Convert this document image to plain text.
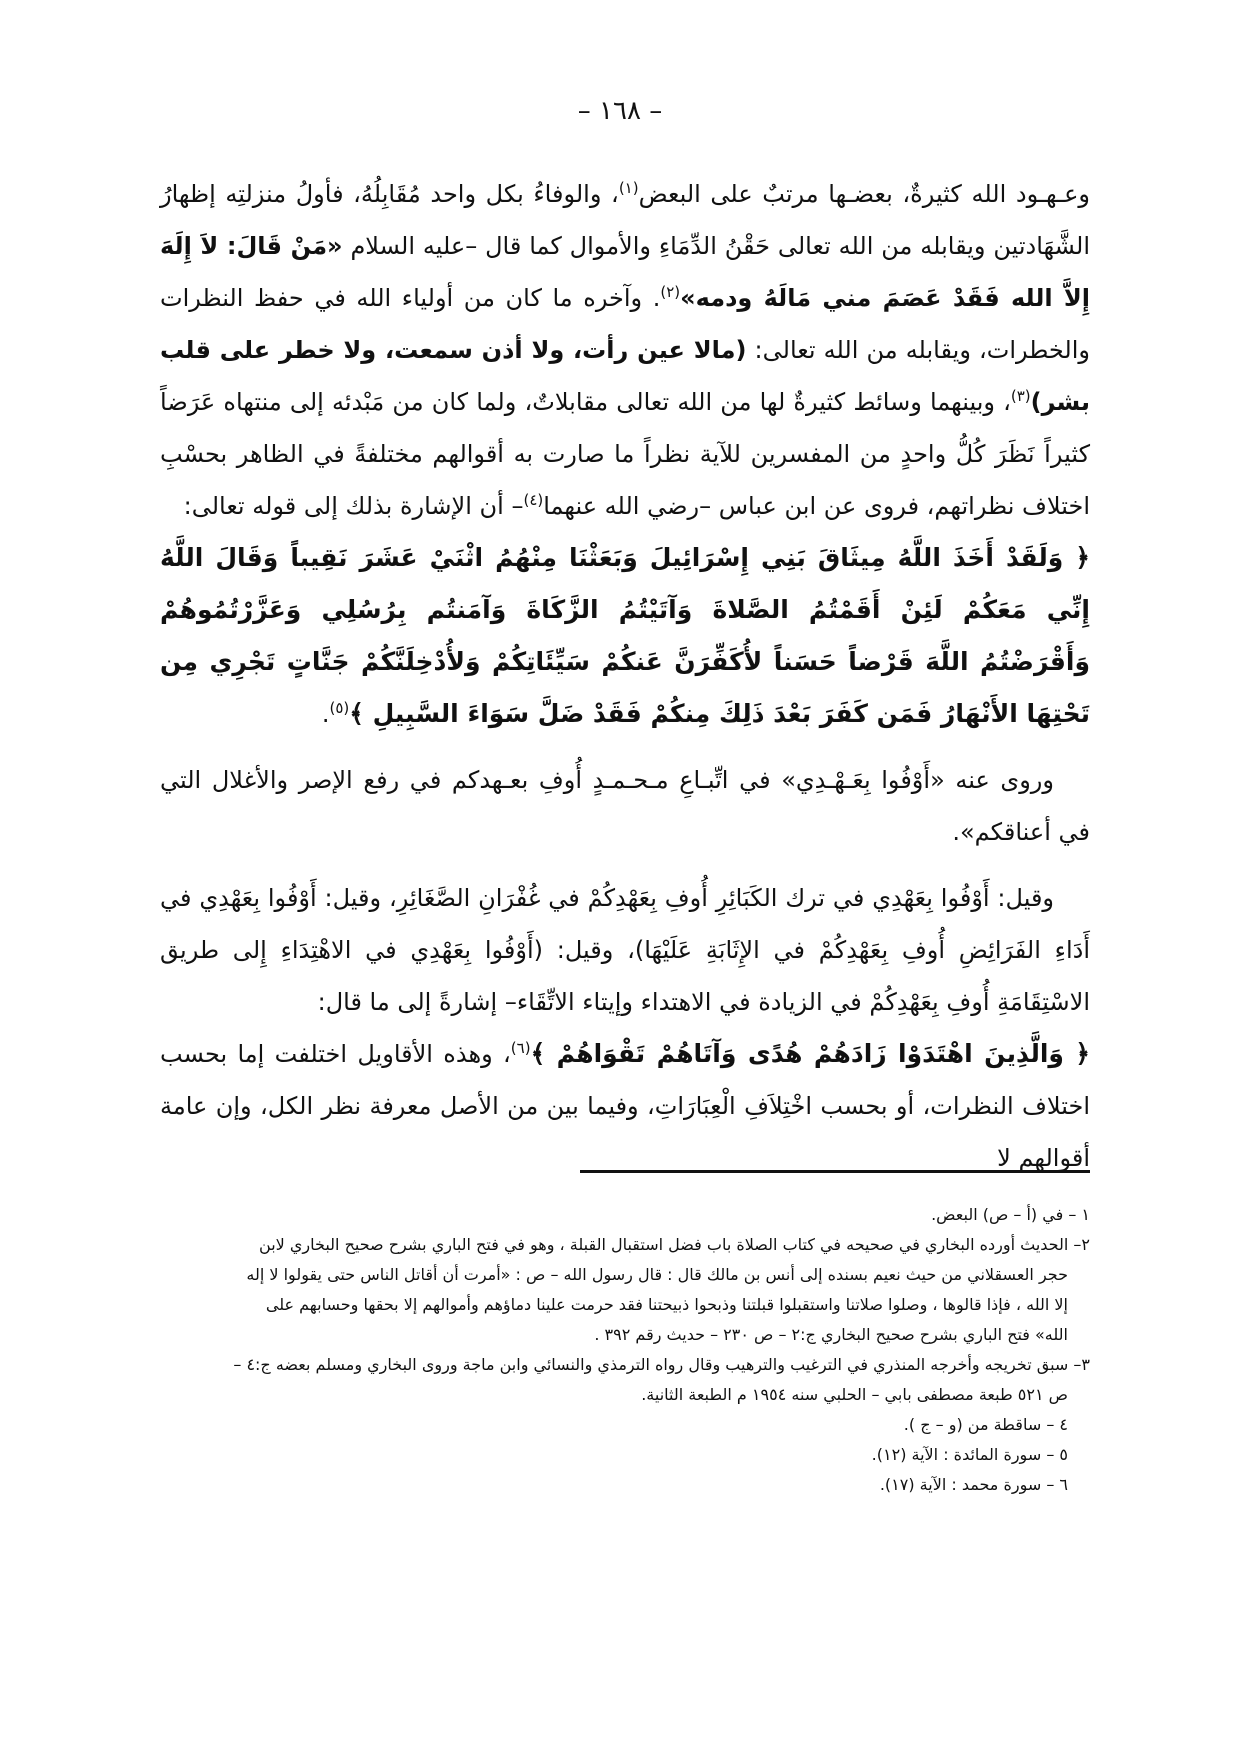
– ١٦٨ –

وعـهـود الله كثيرةٌ، بعضـها مرتبٌ على البعض$^{(١)}$، والوفاءُ بكل واحد مُقَابِلُهُ، فأولُ منزلتِه إظهارُ الشَّهَادتين ويقابله من الله تعالى حَقْنُ الدِّمَاءِ والأموال كما قال –عليه السلام «مَنْ قَالَ: لاَ إِلَهَ إِلاَّ الله فَقَدْ عَصَمَ مني مَالَهُ ودمه»$^{(٢)}$. وآخره ما كان من أولياء الله في حفظ النظرات والخطرات، ويقابله من الله تعالى: (مالا عين رأت، ولا أذن سمعت، ولا خطر على قلب بشر)$^{(٣)}$، وبينهما وسائط كثيرةٌ لها من الله تعالى مقابلاتٌ، ولما كان من مَبْدئه إلى منتهاه عَرَضاً كثيراً نَظَرَ كُلُّ واحدٍ من المفسرين للآية نظراً ما صارت به أقوالهم مختلفةً في الظاهر بحسْبِ اختلاف نظراتهم، فروى عن ابن عباس –رضي الله عنهما$^{(٤)}$– أن الإشارة بذلك إلى قوله تعالى:

﴿ وَلَقَدْ أَخَذَ اللَّهُ مِيثَاقَ بَنِي إِسْرَائِيلَ وَبَعَثْنَا مِنْهُمُ اثْنَيْ عَشَرَ نَقِيباً وَقَالَ اللَّهُ إِنِّي مَعَكُمْ لَئِنْ أَقَمْتُمُ الصَّلاةَ وَآتَيْتُمُ الزَّكَاةَ وَآمَنتُم بِرُسُلِي وَعَزَّرْتُمُوهُمْ وَأَقْرَضْتُمُ اللَّهَ قَرْضاً حَسَناً لأُكَفِّرَنَّ عَنكُمْ سَيِّئَاتِكُمْ وَلأُدْخِلَنَّكُمْ جَنَّاتٍ تَجْرِي مِن تَحْتِهَا الأَنْهَارُ فَمَن كَفَرَ بَعْدَ ذَلِكَ مِنكُمْ فَقَدْ ضَلَّ سَوَاءَ السَّبِيلِ ﴾$^{(٥)}$.

وروى عنه «أَوْفُوا بِعَـهْـدِي» في اتِّبـاعِ مـحـمـدٍ أُوفِ بعـهدكم في رفع الإصر والأغلال التي في أعناقكم».

وقيل: أَوْفُوا بِعَهْدِي في ترك الكَبَائِرِ أُوفِ بِعَهْدِكُمْ في غُفْرَانِ الصَّغَائِرِ، وقيل: أَوْفُوا بِعَهْدِي في أَدَاءِ الفَرَائِضِ أُوفِ بِعَهْدِكُمْ في الإِثَابَةِ عَلَيْهَا)، وقيل: (أَوْفُوا بِعَهْدِي في الاهْتِدَاءِ إِلى طريق الاسْتِقَامَةِ أُوفِ بِعَهْدِكُمْ في الزيادة في الاهتداء وإيتاء الاتِّقَاء– إشارةً إلى ما قال:

﴿ وَالَّذِينَ اهْتَدَوْا زَادَهُمْ هُدًى وَآتَاهُمْ تَقْوَاهُمْ ﴾$^{(٦)}$، وهذه الأقاويل اختلفت إما بحسب اختلاف النظرات، أو بحسب اخْتِلاَفِ الْعِبَارَاتِ، وفيما بين من الأصل معرفة نظر الكل، وإن عامة أقوالهم لا

١ – في (أ – ص) البعض.

٢– الحديث أورده البخاري في صحيحه في كتاب الصلاة باب فضل استقبال القبلة ، وهو في فتح الباري بشرح صحيح البخاري لابن

حجر العسقلاني من حيث نعيم بسنده إلى أنس بن مالك قال : قال رسول الله – ص : «أمرت أن أقاتل الناس حتى يقولوا لا إله

إلا الله ، فإذا قالوها ، وصلوا صلاتنا واستقبلوا قبلتنا وذبحوا ذبيحتنا فقد حرمت علينا دماؤهم وأموالهم إلا بحقها وحسابهم على

الله» فتح الباري بشرح صحيح البخاري ج:٢ – ص ٢٣٠ – حديث رقم ٣٩٢ .

٣– سبق تخريجه وأخرجه المنذري في الترغيب والترهيب وقال رواه الترمذي والنسائي وابن ماجة وروى البخاري ومسلم بعضه ج:٤ –

ص ٥٢١ طبعة مصطفى بابي – الحلبي سنه ١٩٥٤ م الطبعة الثانية.

٤ – ساقطة من (و – ج ).

٥ – سورة المائدة : الآية (١٢).

٦ – سورة محمد : الآية (١٧).
